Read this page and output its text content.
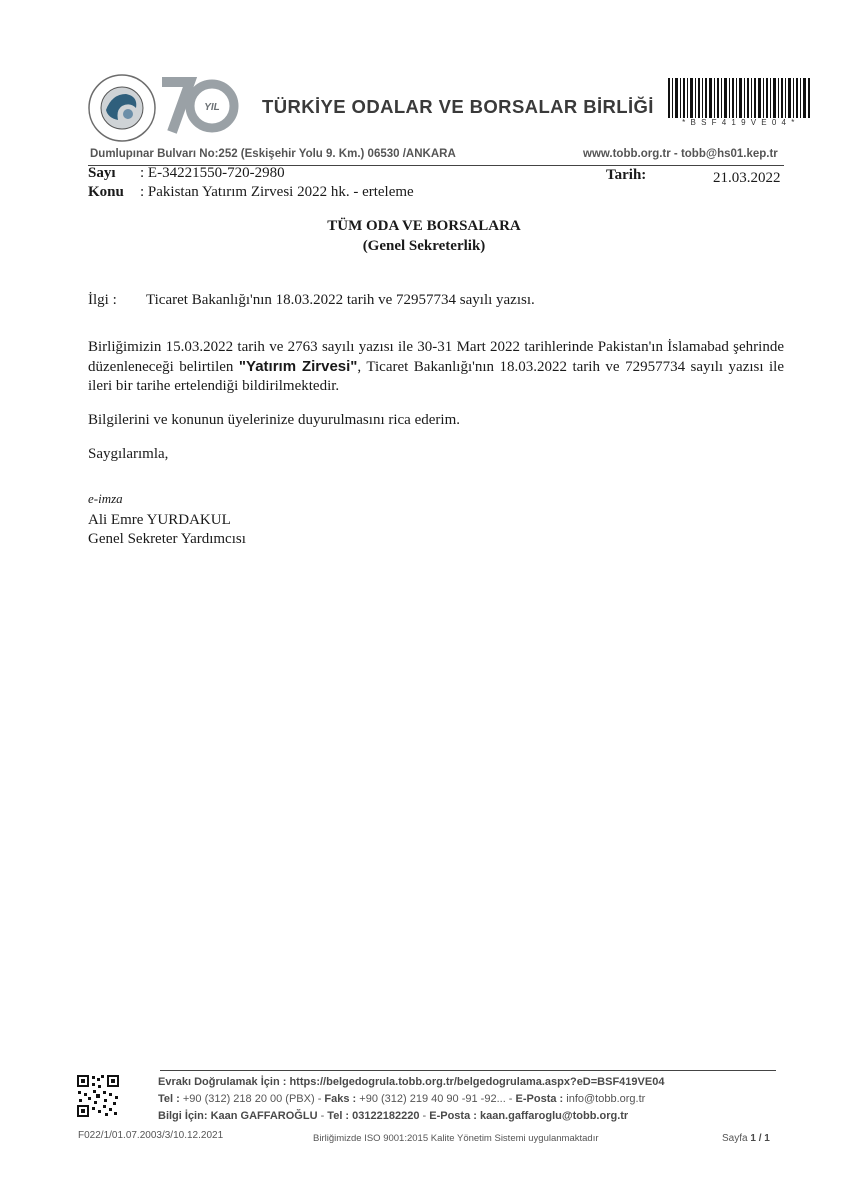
YIL TÜRKİYE ODALAR VE BORSALAR BİRLİĞİ
* B S F 4 1 9 V E 0 4 *
Dumlupınar Bulvarı No:252 (Eskişehir Yolu 9. Km.) 06530 /ANKARA	www.tobb.org.tr - tobb@hs01.kep.tr
Sayı : E-34221550-720-2980
Konu : Pakistan Yatırım Zirvesi 2022 hk. - erteleme
Tarih:	21.03.2022
TÜM ODA VE BORSALARA
(Genel Sekreterlik)
İlgi : Ticaret Bakanlığı'nın 18.03.2022 tarih ve 72957734 sayılı yazısı.
Birliğimizin 15.03.2022 tarih ve 2763 sayılı yazısı ile 30-31 Mart 2022 tarihlerinde Pakistan'ın İslamabad şehrinde düzenleneceği belirtilen "Yatırım Zirvesi", Ticaret Bakanlığı'nın 18.03.2022 tarih ve 72957734 sayılı yazısı ile ileri bir tarihe ertelendiği bildirilmektedir.
Bilgilerini ve konunun üyelerinize duyurulmasını rica ederim.
Saygılarımla,
e-imza
Ali Emre YURDAKUL
Genel Sekreter Yardımcısı
Evrakı Doğrulamak İçin : https://belgedogrula.tobb.org.tr/belgedogrulama.aspx?eD=BSF419VE04
Tel : +90 (312) 218 20 00 (PBX) - Faks : +90 (312) 219 40 90 -91 -92... - E-Posta : info@tobb.org.tr
Bilgi İçin: Kaan GAFFAROĞLU - Tel : 03122182220 - E-Posta : kaan.gaffaroglu@tobb.org.tr
F022/1/01.07.2003/3/10.12.2021	Birliğimizde ISO 9001:2015 Kalite Yönetim Sistemi uygulanmaktadır	Sayfa 1 / 1
